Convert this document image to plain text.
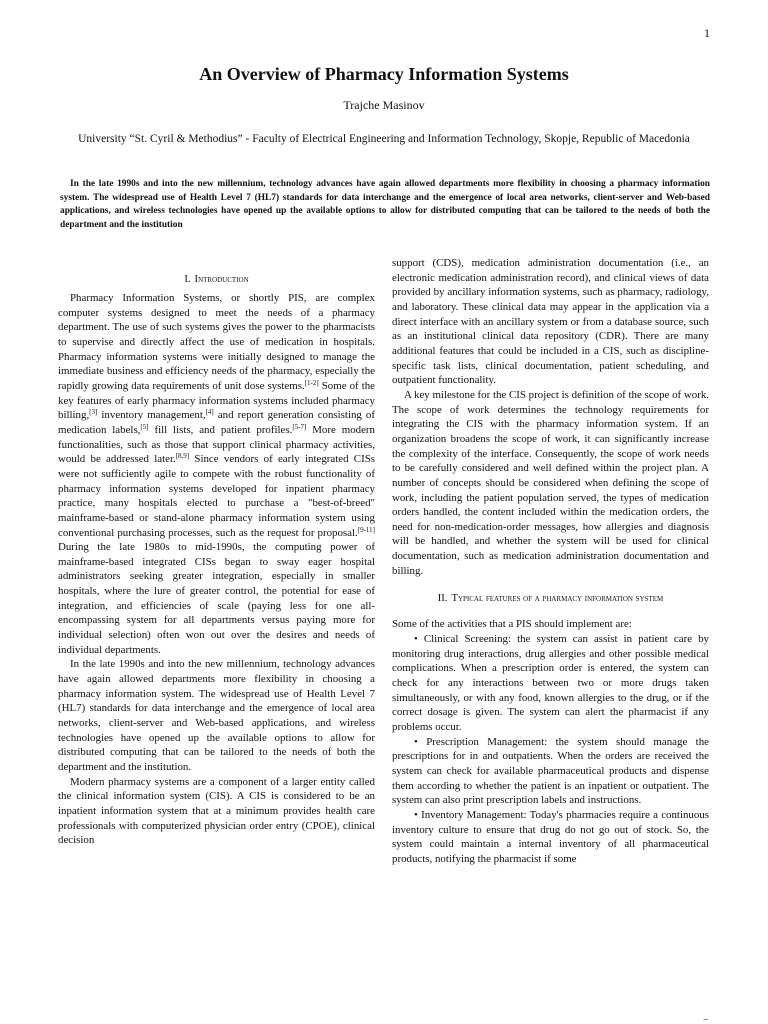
1
An Overview of Pharmacy Information Systems
Trajche Masinov
University “St. Cyril & Methodius” - Faculty of Electrical Engineering and Information Technology, Skopje, Republic of Macedonia
In the late 1990s and into the new millennium, technology advances have again allowed departments more flexibility in choosing a pharmacy information system. The widespread use of Health Level 7 (HL7) standards for data interchange and the emergence of local area networks, client-server and Web-based applications, and wireless technologies have opened up the available options to allow for distributed computing that can be tailored to the needs of both the department and the institution

I. Introduction

Pharmacy Information Systems, or shortly PIS, are complex computer systems designed to meet the needs of a pharmacy department. The use of such systems gives the power to the pharmacists to supervise and directly affect the use of medication in hospitals. Pharmacy information systems were initially designed to manage the immediate business and efficiency needs of the pharmacy, especially the rapidly growing data requirements of unit dose systems.[1-2] Some of the key features of early pharmacy information systems included pharmacy billing,[3] inventory management,[4] and report generation consisting of medication labels,[5] fill lists, and patient profiles.[5-7] More modern functionalities, such as those that support clinical pharmacy activities, would be addressed later.[8,9] Since vendors of early integrated CISs were not sufficiently agile to compete with the robust functionality of pharmacy information systems developed for inpatient pharmacy practice, many hospitals elected to purchase a "best-of-breed" mainframe-based or stand-alone pharmacy information system using conventional purchasing processes, such as the request for proposal.[9-11] During the late 1980s to mid-1990s, the computing power of mainframe-based integrated CISs began to sway eager hospital administrators seeking greater integration, especially in smaller hospitals, where the lure of greater control, the potential for ease of integration, and efficiencies of scale (paying less for one all-encompassing system for all departments versus paying more for individual selection) often won out over the desires and needs of individual departments.

In the late 1990s and into the new millennium, technology advances have again allowed departments more flexibility in choosing a pharmacy information system. The widespread use of Health Level 7 (HL7) standards for data interchange and the emergence of local area networks, client-server and Web-based applications, and wireless technologies have opened up the available options to allow for distributed computing that can be tailored to the needs of both the department and the institution.

Modern pharmacy systems are a component of a larger entity called the clinical information system (CIS). A CIS is considered to be an inpatient information system that at a minimum provides health care professionals with computerized physician order entry (CPOE), clinical decision

support (CDS), medication administration documentation (i.e., an electronic medication administration record), and clinical views of data provided by ancillary information systems, such as pharmacy, radiology, and laboratory. These clinical data may appear in the application via a direct interface with an ancillary system or from a database source, such as an institutional clinical data repository (CDR). There are many additional features that could be included in a CIS, such as discipline-specific task lists, clinical documentation, patient scheduling, and outpatient functionality.

A key milestone for the CIS project is definition of the scope of work. The scope of work determines the technology requirements for integrating the CIS with the pharmacy information system. If an organization broadens the scope of work, it can significantly increase the complexity of the interface. Consequently, the scope of work needs to be carefully considered and well defined within the project plan. A number of concepts should be considered when defining the scope of work, including the patient population served, the types of medication orders handled, the content included within the medication orders, the need for non-medication-order messages, how allergies and diagnosis will be handled, and whether the system will be used for clinical documentation, such as medication administration documentation and billing.

II. Typical features of a pharmacy information system

Some of the activities that a PIS should implement are:

• Clinical Screening: the system can assist in patient care by monitoring drug interactions, drug allergies and other possible medical complications. When a prescription order is entered, the system can check for any interactions between two or more drugs taken simultaneously, or with any food, known allergies to the drug, or if the correct dosage is given. The system can alert the pharmacist if any problems occur.

• Prescription Management: the system should manage the prescriptions for in and outpatients. When the orders are received the system can check for available pharmaceutical products and dispense them according to whether the patient is an inpatient or outpatient. The system can also print prescription labels and instructions.

• Inventory Management: Today's pharmacies require a continuous inventory culture to ensure that drug do not go out of stock. So, the system could maintain a internal inventory of all pharmaceutical products, notifying the pharmacist if some

–
